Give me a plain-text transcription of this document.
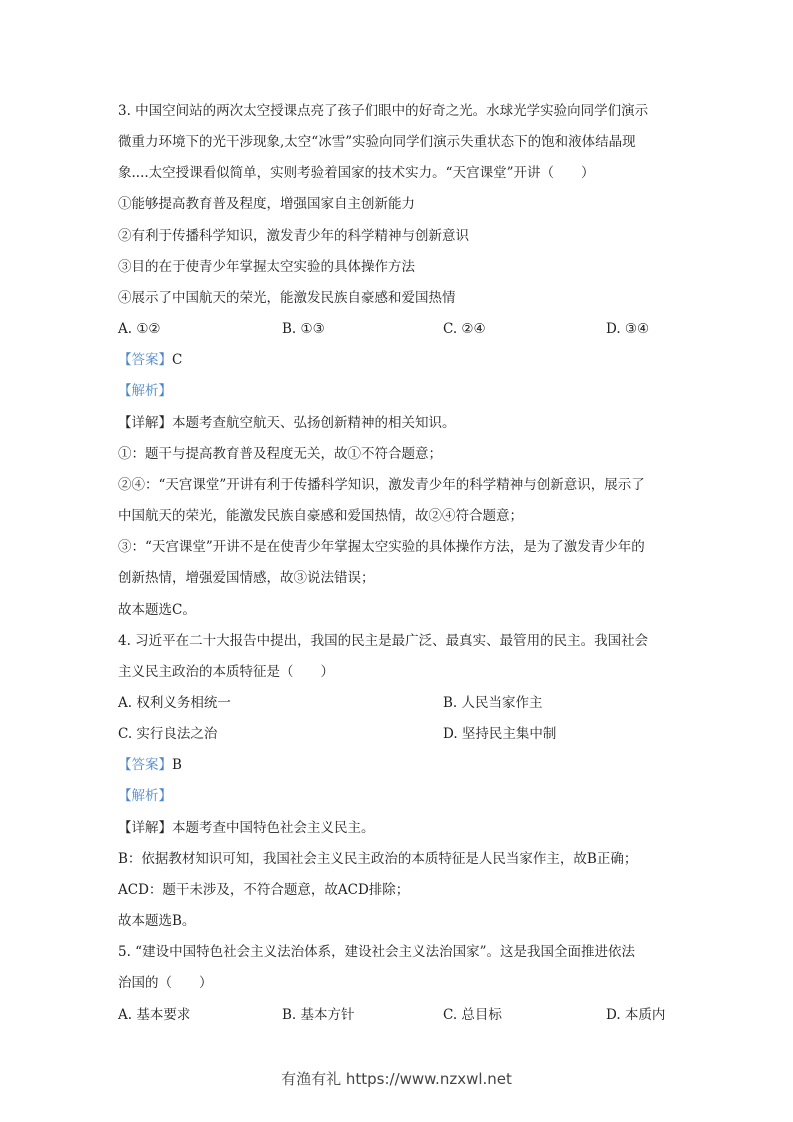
3. 中国空间站的两次太空授课点亮了孩子们眼中的好奇之光。水球光学实验向同学们演示
微重力环境下的光干涉现象,太空“冰雪”实验向同学们演示失重状态下的饱和液体结晶现
象....太空授课看似简单，实则考验着国家的技术实力。“天宫课堂”开讲（　　）
①能够提高教育普及程度，增强国家自主创新能力
②有利于传播科学知识，激发青少年的科学精神与创新意识
③目的在于使青少年掌握太空实验的具体操作方法
④展示了中国航天的荣光，能激发民族自豪感和爱国热情
A. ①②	B. ①③	C. ②④	D. ③④
【答案】C
【解析】
【详解】本题考查航空航天、弘扬创新精神的相关知识。
①：题干与提高教育普及程度无关，故①不符合题意；
②④：“天宫课堂”开讲有利于传播科学知识，激发青少年的科学精神与创新意识，展示了
中国航天的荣光，能激发民族自豪感和爱国热情，故②④符合题意；
③：“天宫课堂”开讲不是在使青少年掌握太空实验的具体操作方法，是为了激发青少年的
创新热情，增强爱国情感，故③说法错误；
故本题选C。
4. 习近平在二十大报告中提出，我国的民主是最广泛、最真实、最管用的民主。我国社会
主义民主政治的本质特征是（　　）
A. 权利义务相统一	B. 人民当家作主
C. 实行良法之治	D. 坚持民主集中制
【答案】B
【解析】
【详解】本题考查中国特色社会主义民主。
B：依据教材知识可知，我国社会主义民主政治的本质特征是人民当家作主，故B正确；
ACD：题干未涉及，不符合题意，故ACD排除；
故本题选B。
5. “建设中国特色社会主义法治体系，建设社会主义法治国家”。这是我国全面推进依法
治国的（　　）
A. 基本要求	B. 基本方针	C. 总目标	D. 本质内
有渔有礼 https://www.nzxwl.net
